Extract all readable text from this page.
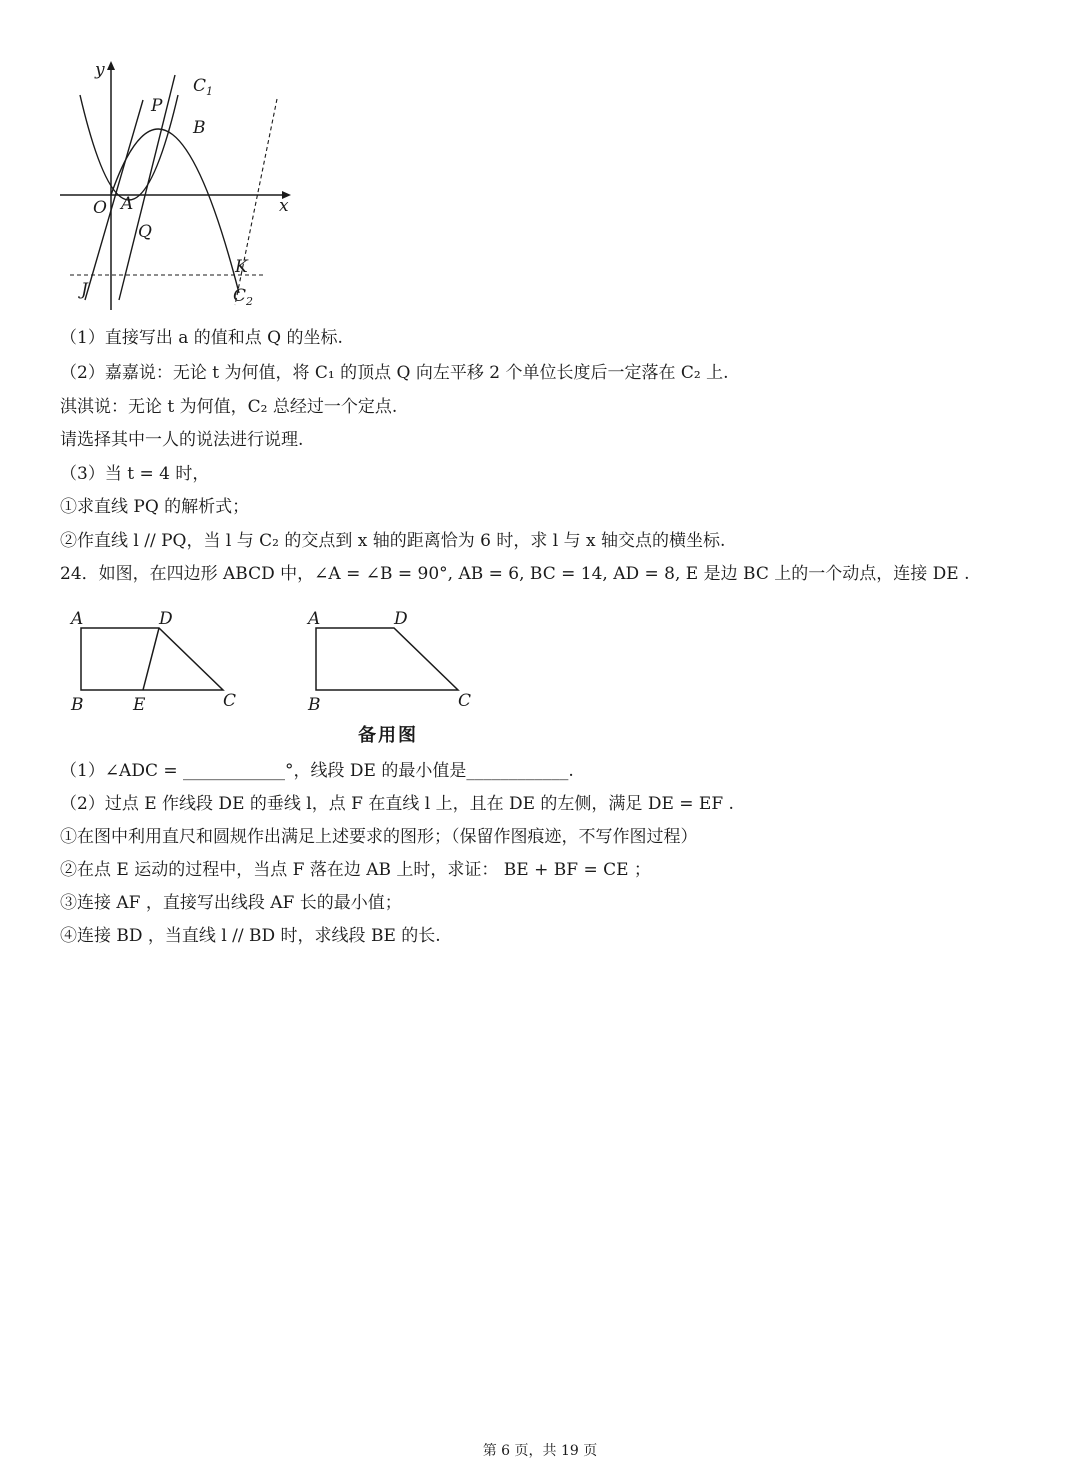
y
x
O A
Q
P
B
$C_1$
K
J	$C_2$
（1）直接写出 a 的值和点 Q 的坐标.
（2）嘉嘉说：无论 t 为何值，将 C₁ 的顶点 Q 向左平移 2 个单位长度后一定落在 C₂ 上.
淇淇说：无论 t 为何值，C₂ 总经过一个定点.
请选择其中一人的说法进行说理.
（3）当 t = 4 时，
①求直线 PQ 的解析式；
②作直线 l // PQ，当 l 与 C₂ 的交点到 x 轴的距离恰为 6 时，求 l 与 x 轴交点的横坐标.
24．如图，在四边形 ABCD 中，∠A = ∠B = 90°, AB = 6, BC = 14, AD = 8, E 是边 BC 上的一个动点，连接 DE .
A	D
B	E	C
A	D
B	C
备用图
（1）∠ADC = ____________°，线段 DE 的最小值是____________.
（2）过点 E 作线段 DE 的垂线 l，点 F 在直线 l 上，且在 DE 的左侧，满足 DE = EF .
①在图中利用直尺和圆规作出满足上述要求的图形；（保留作图痕迹，不写作图过程）
②在点 E 运动的过程中，当点 F 落在边 AB 上时，求证： BE + BF = CE ；
③连接 AF ，直接写出线段 AF 长的最小值；
④连接 BD ，当直线 l // BD 时，求线段 BE 的长.
第 6 页，共 19 页
